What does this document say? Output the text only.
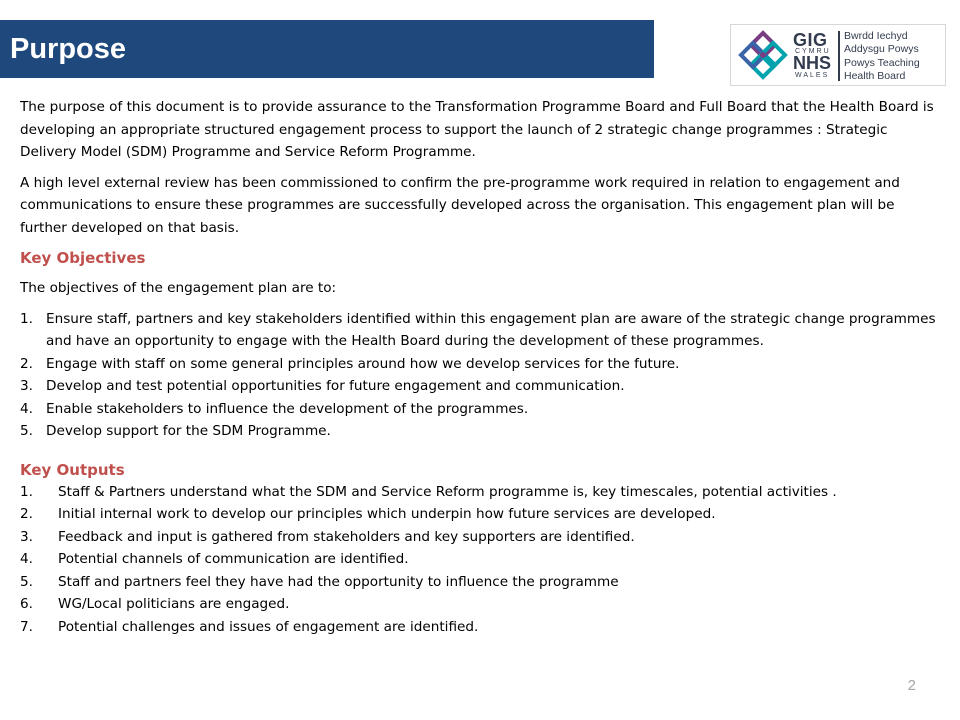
Purpose	GIG
CYMRU
NHS
WALES
Bwrdd Iechyd
Addysgu Powys
Powys Teaching
Health Board

The purpose of this document is to provide assurance to the Transformation Programme Board and Full Board that the Health Board is developing an appropriate structured engagement process to support the launch of 2 strategic change programmes : Strategic Delivery Model (SDM) Programme and Service Reform Programme.

A high level external review has been commissioned to confirm the pre-programme work required in relation to engagement and communications to ensure these programmes are successfully developed across the organisation. This engagement plan will be further developed on that basis.

Key Objectives

The objectives of the engagement plan are to:

1. Ensure staff, partners and key stakeholders identified within this engagement plan are aware of the strategic change programmes and have an opportunity to engage with the Health Board during the development of these programmes.
2. Engage with staff on some general principles around how we develop services for the future.
3. Develop and test potential opportunities for future engagement and communication.
4. Enable stakeholders to influence the development of the programmes.
5. Develop support for the SDM Programme.
Key Outputs
1. Staff & Partners understand what the SDM and Service Reform programme is, key timescales, potential activities .
2. Initial internal work to develop our principles which underpin how future services are developed.
3. Feedback and input is gathered from stakeholders and key supporters are identified.
4. Potential channels of communication are identified.
5. Staff and partners feel they have had the opportunity to influence the programme
6. WG/Local politicians are engaged.
7. Potential challenges and issues of engagement are identified.
2
